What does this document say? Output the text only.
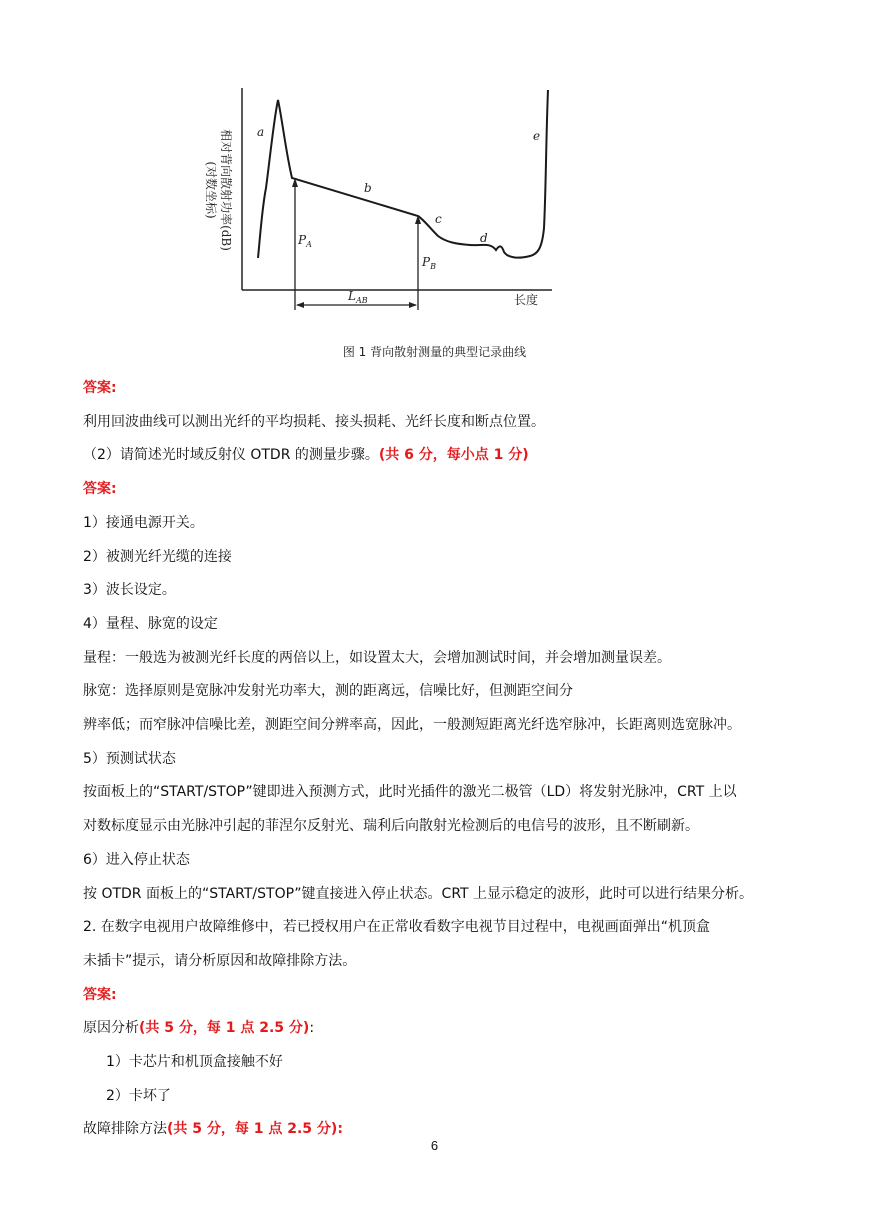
相对背向散射功率(dB)
(对数坐标)
a
b
c
d
e
$P_A$
$P_B$
$L_{AB}$	长度
图 1 背向散射测量的典型记录曲线
答案:
利用回波曲线可以测出光纤的平均损耗、接头损耗、光纤长度和断点位置。
（2）请简述光时域反射仪 OTDR 的测量步骤。(共 6 分，每小点 1 分)
答案:
1）接通电源开关。
2）被测光纤光缆的连接
3）波长设定。
4）量程、脉宽的设定
量程：一般选为被测光纤长度的两倍以上，如设置太大，会增加测试时间，并会增加测量误差。
脉宽：选择原则是宽脉冲发射光功率大，测的距离远，信噪比好，但测距空间分
辨率低；而窄脉冲信噪比差，测距空间分辨率高，因此，一般测短距离光纤选窄脉冲，长距离则选宽脉冲。
5）预测试状态
按面板上的“START/STOP”键即进入预测方式，此时光插件的激光二极管（LD）将发射光脉冲，CRT 上以
对数标度显示由光脉冲引起的菲涅尔反射光、瑞利后向散射光检测后的电信号的波形，且不断刷新。
6）进入停止状态
按 OTDR 面板上的“START/STOP”键直接进入停止状态。CRT 上显示稳定的波形，此时可以进行结果分析。
2. 在数字电视用户故障维修中，若已授权用户在正常收看数字电视节目过程中，电视画面弹出“机顶盒
未插卡”提示，请分析原因和故障排除方法。
答案:
原因分析(共 5 分，每 1 点 2.5 分):
1）卡芯片和机顶盒接触不好
2）卡坏了
故障排除方法(共 5 分，每 1 点 2.5 分):
6
